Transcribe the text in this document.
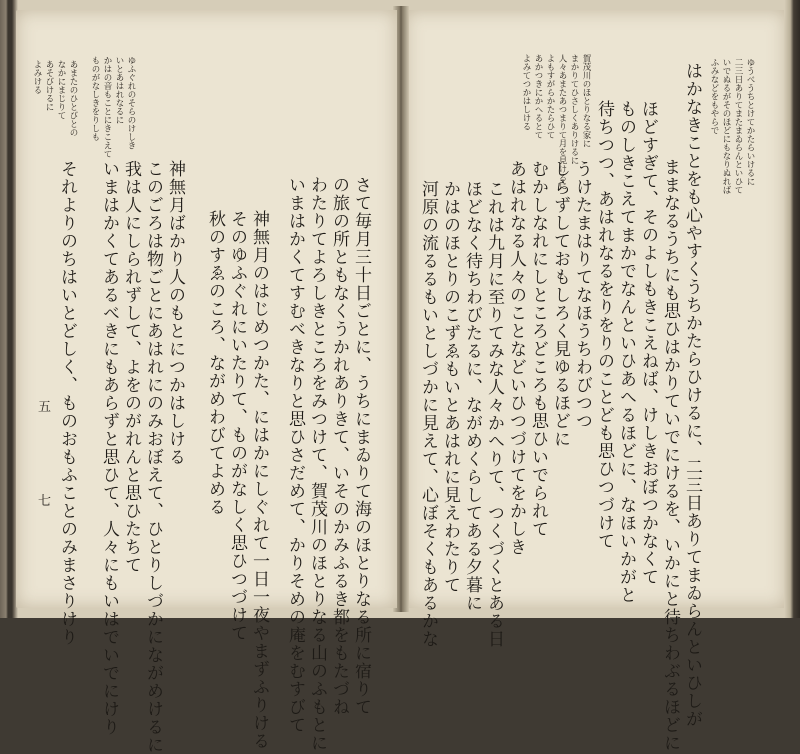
ゆうべうちとけてかたらいけるに
二三日ありてまたまゐらんといひて
いでぬるがそのほどにもなりぬれば
ふみなどをもやらで
はかなきことをも心やすくうちかたらひけるに、二三日ありてまゐらんといひしが
ままなるうちにも思ひはかりていでにけるを、いかにと待ちわぶるほどに
ほどすぎて、そのよしもきこえねば、けしきおぼつかなくて
ものしきこえてまかでなんといひあへるほどに、なほいかがと
待ちつつ、あはれなるをりをりのことども思ひつづけて
うけたまはりてなほうちわびつつ
賀茂川のほとりなる家に
まかりてひさしくありけるに
人々あまたあつまりて月を見けるに
よもすがらかたらひて
あかつきにかへるとて
よみてつかはしける
しらずしておもしろく見ゆるほどに
むかしなれにしところどころも思ひいでられて
あはれなる人々のことなどいひつづけてをかしき
これは九月に至りてみな人々かへりて、つくづくとある日
ほどなく待ちわびたるに、ながめくらしてある夕暮に
かはのほとりのこずゑもいとあはれに見えわたりて
河原の流るるもいとしづかに見えて、心ぼそくもあるかな
ゆふぐれのそらのけしき
いとあはれなるに
かはの音もことにきこえて
ものがなしきをりしも
あまたのひとびとの
なかにまじりて
あそびけるに
よみける
さて毎月三十日ごとに、うちにまゐりて海のほとりなる所に宿りて
の旅の所ともなくうかれありきて、いそのかみふるき都をもたづね
わたりてよろしきところをみつけて、賀茂川のほとりなる山のふもとに
いまはかくてすむべきなりと思ひさだめて、かりそめの庵をむすびて
神無月のはじめつかた、にはかにしぐれて一日一夜やまずふりける
そのゆふぐれにいたりて、ものがなしく思ひつづけて
秋のすゑのころ、ながめわびてよめる
神無月ばかり人のもとにつかはしける
このごろは物ごとにあはれにのみおぼえて、ひとりしづかにながめけるに
我は人にしられずして、よをのがれんと思ひたちて
いまはかくてあるべきにもあらずと思ひて、人々にもいはでいでにけり
それよりのちはいとどしく、ものおもふことのみまさりけり
五
七
